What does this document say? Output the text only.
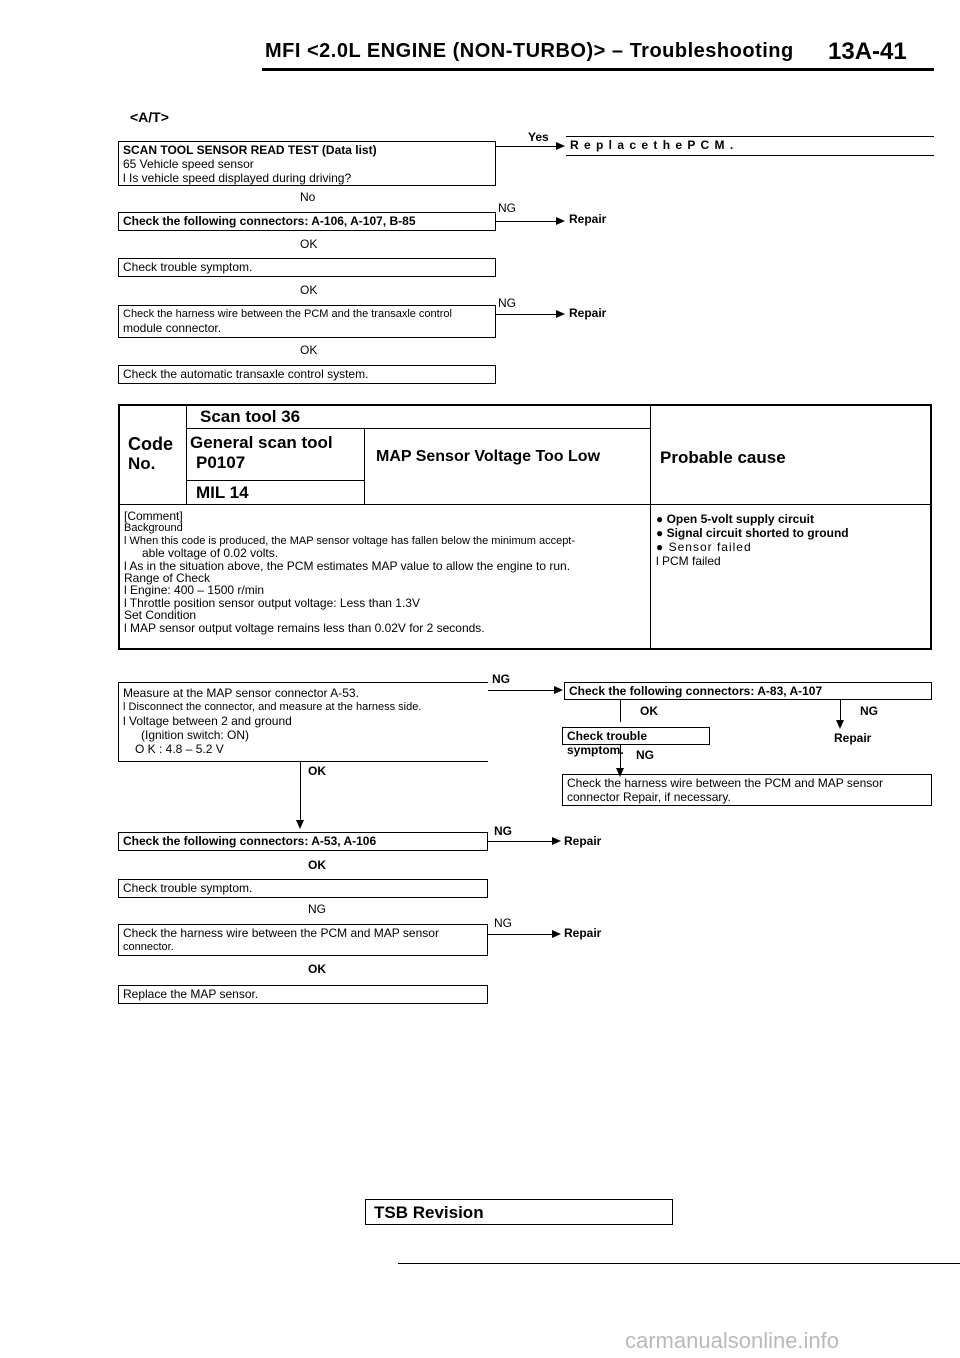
MFI <2.0L ENGINE (NON-TURBO)> – Troubleshooting 13A-41
<A/T>
Yes
SCAN TOOL SENSOR READ TEST (Data list)
65 Vehicle speed sensor
l Is vehicle speed displayed during driving?
R e p l a c e t h e P C M .
No
NG
Check the following connectors: A-106, A-107, B-85	Repair
OK
Check trouble symptom.
OK
NG
Check the harness wire between the PCM and the transaxle control
module connector.
Repair
OK
Check the automatic transaxle control system.
Code
No.
Scan tool 36
General scan tool
P0107
MIL 14
MAP Sensor Voltage Too Low	Probable cause
[Comment]
Background
l When this code is produced, the MAP sensor voltage has fallen below the minimum accept-
able voltage of 0.02 volts.
l As in the situation above, the PCM estimates MAP value to allow the engine to run.
Range of Check
l Engine: 400 – 1500 r/min
l Throttle position sensor output voltage: Less than 1.3V
Set Condition
l MAP sensor output voltage remains less than 0.02V for 2 seconds.
● Open 5-volt supply circuit
● Signal circuit shorted to ground
● Sensor failed
l PCM failed
NG
Measure at the MAP sensor connector A-53.
l Disconnect the connector, and measure at the harness side.
l Voltage between 2 and ground
(Ignition switch: ON)
O K : 4.8 – 5.2 V
Check the following connectors: A-83, A-107
OK	NG
Check trouble symptom.
Repair
NG
OK
Check the harness wire between the PCM and MAP sensor
connector Repair, if necessary.
NG
Check the following connectors: A-53, A-106	Repair
OK
Check trouble symptom.
NG
NG
Check the harness wire between the PCM and MAP sensor
connector.
Repair
OK
Replace the MAP sensor.
TSB Revision
carmanualsonline.info
